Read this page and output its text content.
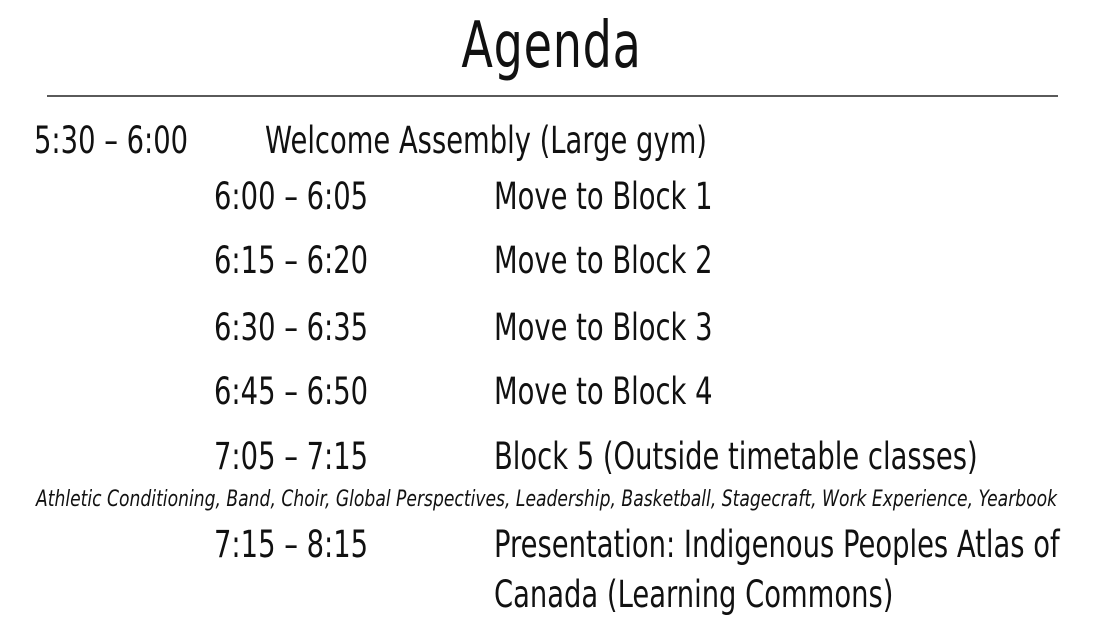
Agenda
5:30 – 6:00 Welcome Assembly (Large gym)
6:00 – 6:05	Move to Block 1
6:15 – 6:20	Move to Block 2
6:30 – 6:35	Move to Block 3
6:45 – 6:50	Move to Block 4
7:05 – 7:15	Block 5 (Outside timetable classes)
Athletic Conditioning, Band, Choir, Global Perspectives, Leadership, Basketball, Stagecraft, Work Experience, Yearbook
7:15 – 8:15	Presentation: Indigenous Peoples Atlas of
Canada (Learning Commons)
